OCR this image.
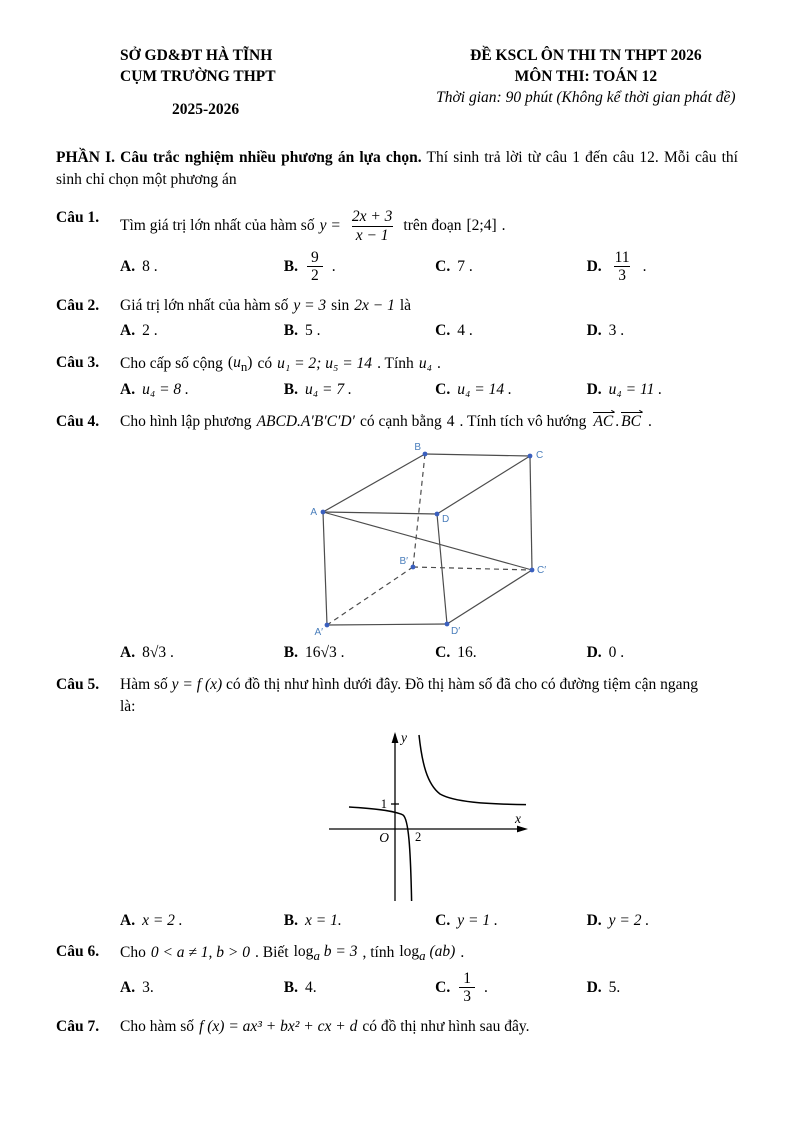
SỞ GD&ĐT HÀ TĨNH
CỤM TRƯỜNG THPT
2025-2026
ĐỀ KSCL ÔN THI TN THPT 2026
MÔN THI: TOÁN 12
Thời gian: 90 phút (Không kể thời gian phát đề)

PHẦN I. Câu trắc nghiệm nhiều phương án lựa chọn. Thí sinh trả lời từ câu 1 đến câu 12. Mỗi câu thí sinh chỉ chọn một phương án

Câu 1.	Tìm giá trị lớn nhất của hàm số $y = \frac{2x + 3}{x - 1}$ trên đoạn [2;4] .
A. 8 .	B. $\frac{9}{2}$ .	C. 7 .	D. $\frac{11}{3}$ .
Câu 2.	Giá trị lớn nhất của hàm số y = 3 sin 2x − 1 là
A. 2 .	B. 5 .	C. 4 .	D. 3 .
Câu 3.	Cho cấp số cộng $(u_n)$ có u₁ = 2; u₅ = 14 . Tính u₄ .
A. u₄ = 8 .	B. u₄ = 7 .	C. u₄ = 14 .	D. u₄ = 11 .
Câu 4.	Cho hình lập phương ABCD.A′B′C′D′ có cạnh bằng 4 . Tính tích vô hướng AC . BC .
A
B
C
D
A′
B′
C′
D′
A. 8√3 .	B. 16√3 .	C. 16.	D. 0 .
Câu 5.	Hàm số y = f (x) có đồ thị như hình dưới đây. Đồ thị hàm số đã cho có đường tiệm cận ngang
là:
y
x
O
1
2
A. x = 2 .	B. x = 1.	C. y = 1 .	D. y = 2 .
Câu 6.	Cho 0 < a ≠ 1, b > 0 . Biết $\log_a b = 3$ , tính $\log_a (ab)$ .
A. 3.	B. 4.	C. $\frac{1}{3}$ .	D. 5.
Câu 7.	Cho hàm số f (x) = ax³ + bx² + cx + d có đồ thị như hình sau đây.
